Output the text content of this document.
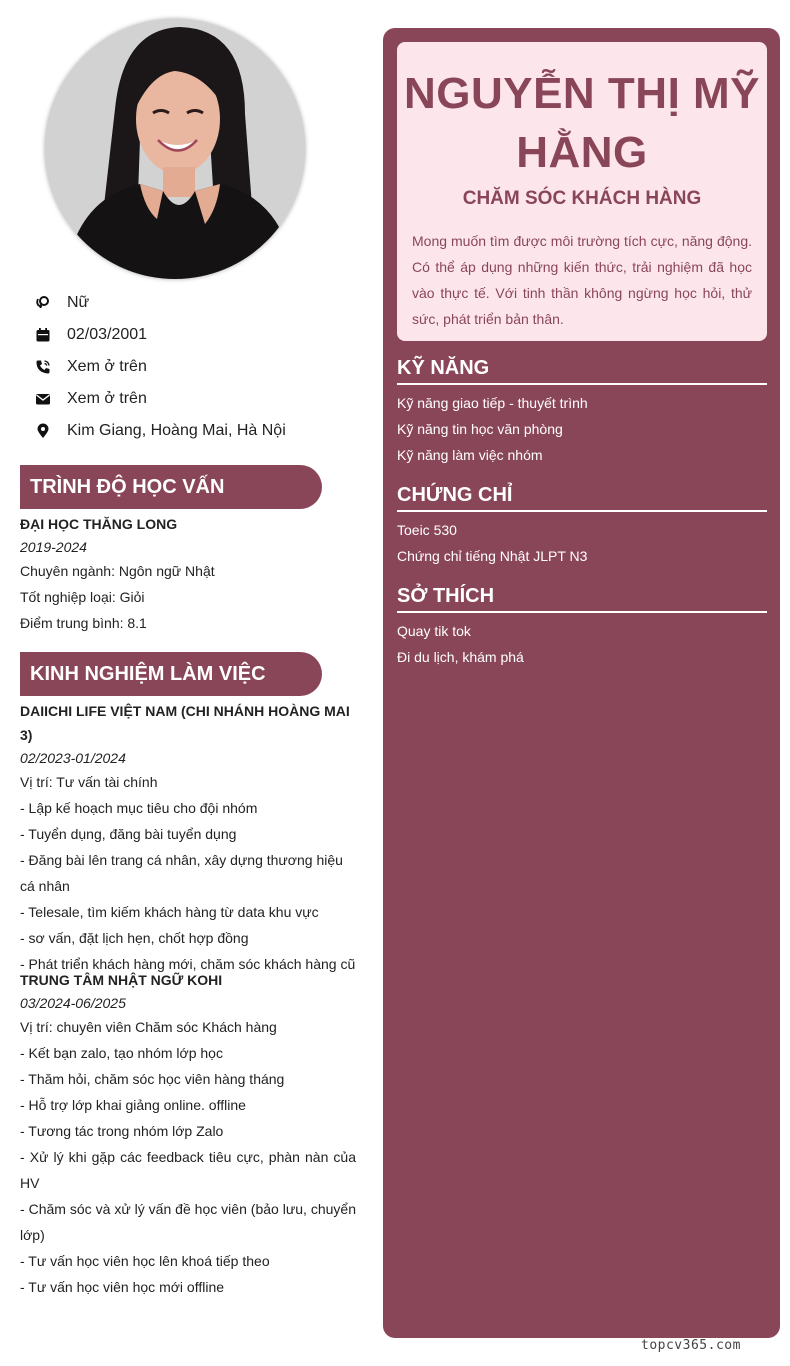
Nữ
02/03/2001
Xem ở trên
Xem ở trên
Kim Giang, Hoàng Mai, Hà Nội
TRÌNH ĐỘ HỌC VẤN
ĐẠI HỌC THĂNG LONG
2019-2024
Chuyên ngành: Ngôn ngữ Nhật
Tốt nghiệp loại: Giỏi
Điểm trung bình: 8.1
KINH NGHIỆM LÀM VIỆC
DAIICHI LIFE VIỆT NAM (CHI NHÁNH HOÀNG MAI 3)
02/2023-01/2024
Vị trí: Tư vấn tài chính
- Lập kế hoạch mục tiêu cho đội nhóm
- Tuyển dụng, đăng bài tuyển dụng
- Đăng bài lên trang cá nhân, xây dựng thương hiệu cá nhân
- Telesale, tìm kiếm khách hàng từ data khu vực
- sơ vấn, đặt lịch hẹn, chốt hợp đồng
- Phát triển khách hàng mới, chăm sóc khách hàng cũ
TRUNG TÂM NHẬT NGỮ KOHI
03/2024-06/2025
Vị trí: chuyên viên Chăm sóc Khách hàng
- Kết bạn zalo, tạo nhóm lớp học
- Thăm hỏi, chăm sóc học viên hàng tháng
- Hỗ trợ lớp khai giảng online. offline
- Tương tác trong nhóm lớp Zalo
- Xử lý khi gặp các feedback tiêu cực, phàn nàn của HV
- Chăm sóc và xử lý vấn đề học viên (bảo lưu, chuyển lớp)
- Tư vấn học viên học lên khoá tiếp theo
- Tư vấn học viên học mới offline
NGUYỄN THỊ MỸ HẰNG
CHĂM SÓC KHÁCH HÀNG
Mong muốn tìm được môi trường tích cực, năng động. Có thể áp dụng những kiến thức, trải nghiệm đã học vào thực tế. Với tinh thần không ngừng học hỏi, thử sức, phát triển bản thân.
KỸ NĂNG
Kỹ năng giao tiếp - thuyết trình
Kỹ năng tin học văn phòng
Kỹ năng làm việc nhóm
CHỨNG CHỈ
Toeic 530
Chứng chỉ tiếng Nhật JLPT N3
SỞ THÍCH
Quay tik tok
Đi du lịch, khám phá
topcv365.com
